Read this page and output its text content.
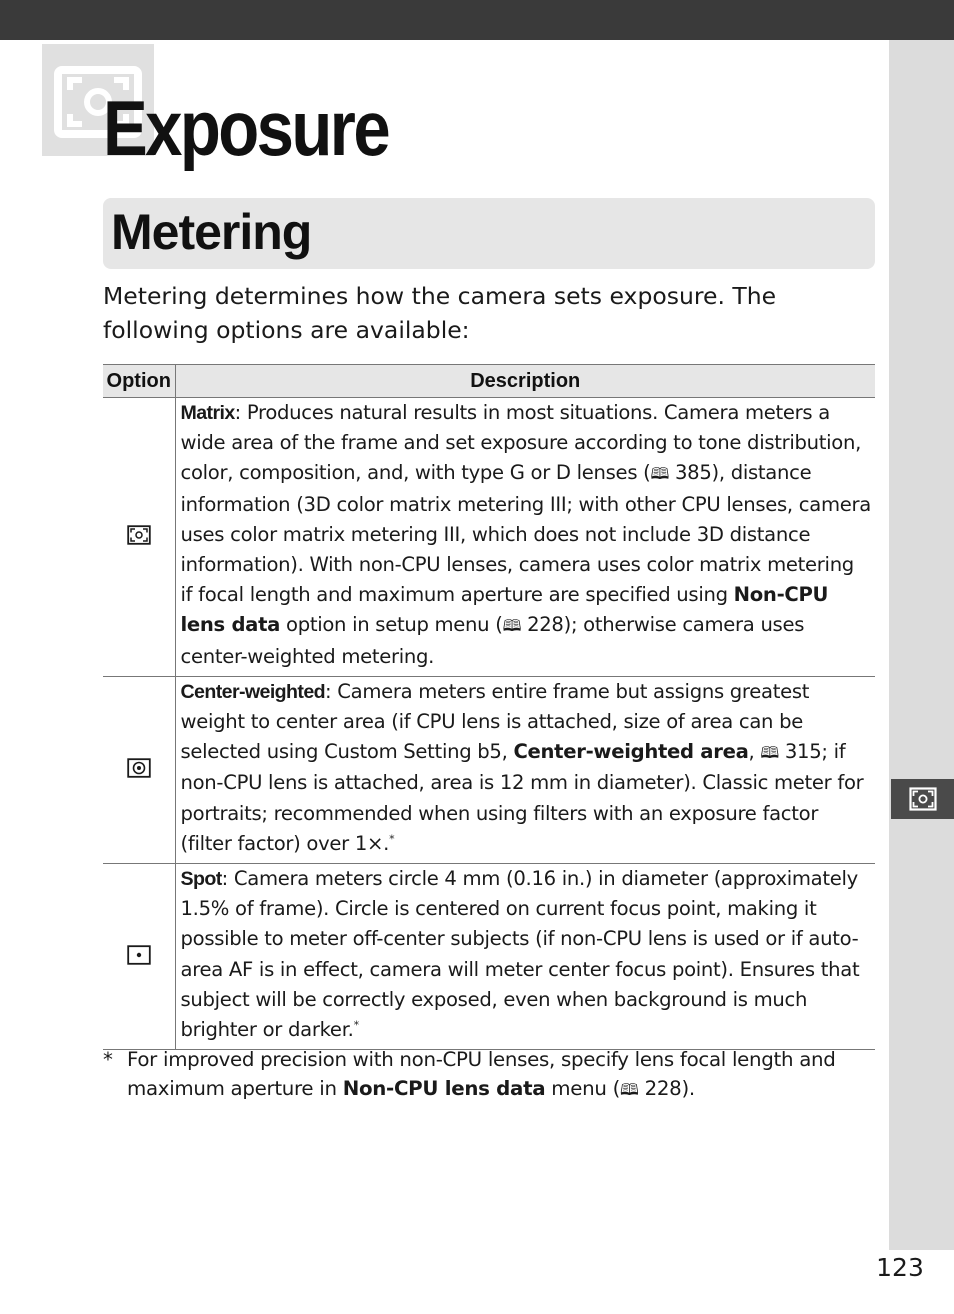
Exposure
Metering

Metering determines how the camera sets exposure. The following options are available:

Option	Description
	Matrix: Produces natural results in most situations. Camera meters a wide area of the frame and set exposure according to tone distribution, color, composition, and, with type G or D lenses (🕮 385), distance information (3D color matrix metering III; with other CPU lenses, camera uses color matrix metering III, which does not include 3D distance information). With non-CPU lenses, camera uses color matrix metering if focal length and maximum aperture are specified using Non-CPU lens data option in setup menu (🕮 228); otherwise camera uses center-weighted metering.
	Center-weighted: Camera meters entire frame but assigns greatest weight to center area (if CPU lens is attached, size of area can be selected using Custom Setting b5, Center-weighted area, 🕮 315; if non-CPU lens is attached, area is 12 mm in diameter). Classic meter for portraits; recommended when using filters with an exposure factor (filter factor) over 1×.*
	Spot: Camera meters circle 4 mm (0.16 in.) in diameter (approximately 1.5% of frame). Circle is centered on current focus point, making it possible to meter off-center subjects (if non-CPU lens is used or if auto-area AF is in effect, camera will meter center focus point). Ensures that subject will be correctly exposed, even when background is much brighter or darker.*
* For improved precision with non-CPU lenses, specify lens focal length and maximum aperture in Non-CPU lens data menu (🕮 228).
123
